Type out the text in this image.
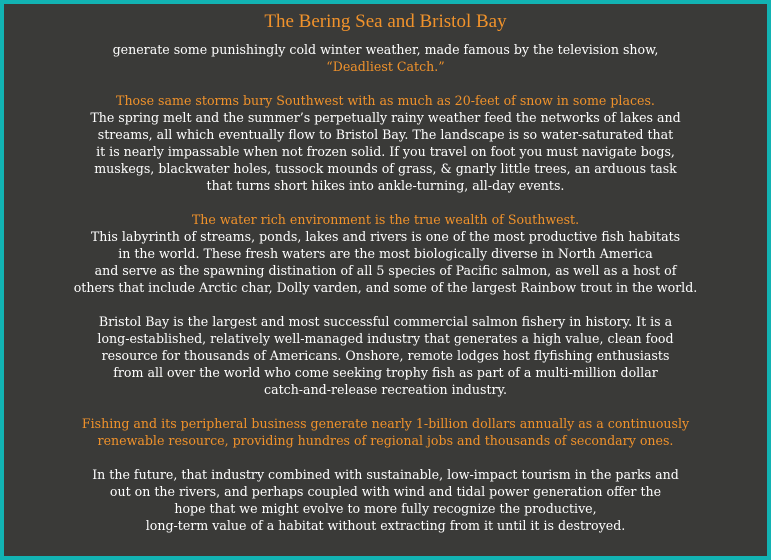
The Bering Sea and Bristol Bay
generate some punishingly cold winter weather, made famous by the television show,
“Deadliest Catch.”
Those same storms bury Southwest with as much as 20-feet of snow in some places.
The spring melt and the summer’s perpetually rainy weather feed the networks of lakes and
streams, all which eventually flow to Bristol Bay. The landscape is so water-saturated that
it is nearly impassable when not frozen solid. If you travel on foot you must navigate bogs,
muskegs, blackwater holes, tussock mounds of grass, & gnarly little trees, an arduous task
that turns short hikes into ankle-turning, all-day events.
The water rich environment is the true wealth of Southwest.
This labyrinth of streams, ponds, lakes and rivers is one of the most productive fish habitats
in the world. These fresh waters are the most biologically diverse in North America
and serve as the spawning distination of all 5 species of Pacific salmon, as well as a host of
others that include Arctic char, Dolly varden, and some of the largest Rainbow trout in the world.
Bristol Bay is the largest and most successful commercial salmon fishery in history. It is a
long-established, relatively well-managed industry that generates a high value, clean food
resource for thousands of Americans. Onshore, remote lodges host flyfishing enthusiasts
from all over the world who come seeking trophy fish as part of a multi-million dollar
catch-and-release recreation industry.
Fishing and its peripheral business generate nearly 1-billion dollars annually as a continuously
renewable resource, providing hundres of regional jobs and thousands of secondary ones.
In the future, that industry combined with sustainable, low-impact tourism in the parks and
out on the rivers, and perhaps coupled with wind and tidal power generation offer the
hope that we might evolve to more fully recognize the productive,
long-term value of a habitat without extracting from it until it is destroyed.
